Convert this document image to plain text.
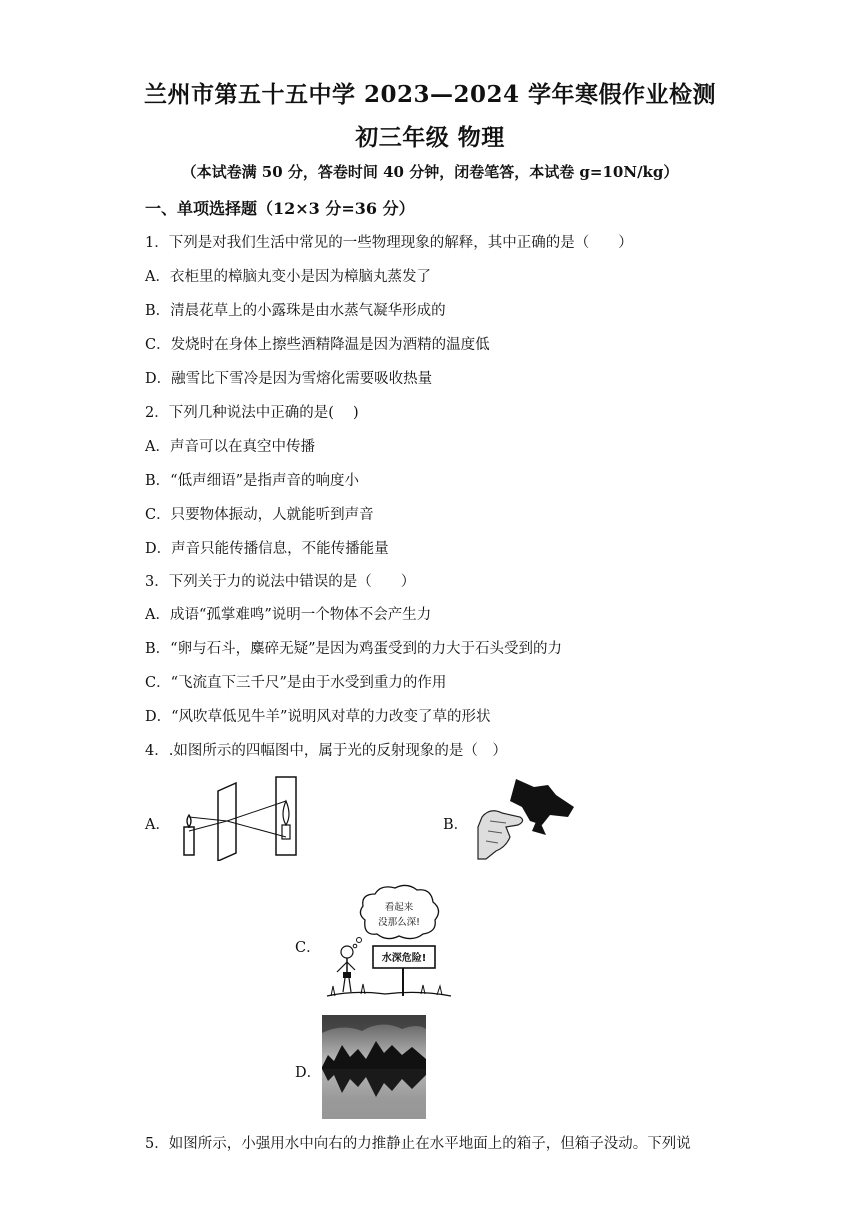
兰州市第五十五中学 2023—2024 学年寒假作业检测
初三年级 物理
（本试卷满 50 分，答卷时间 40 分钟，闭卷笔答，本试卷 g=10N/kg）
一、单项选择题（12×3 分=36 分）
1．下列是对我们生活中常见的一些物理现象的解释，其中正确的是（　　）
A．衣柜里的樟脑丸变小是因为樟脑丸蒸发了
B．清晨花草上的小露珠是由水蒸气凝华形成的
C．发烧时在身体上擦些酒精降温是因为酒精的温度低
D．融雪比下雪冷是因为雪熔化需要吸收热量
2．下列几种说法中正确的是(　 )
A．声音可以在真空中传播
B．“低声细语”是指声音的响度小
C．只要物体振动，人就能听到声音
D．声音只能传播信息，不能传播能量
3．下列关于力的说法中错误的是（　　）
A．成语“孤掌难鸣”说明一个物体不会产生力
B．“卵与石斗，麋碎无疑”是因为鸡蛋受到的力大于石头受到的力
C．“飞流直下三千尺”是由于水受到重力的作用
D．“风吹草低见牛羊”说明风对草的力改变了草的形状
4．.如图所示的四幅图中，属于光的反射现象的是（　）
A．	B．
C．
看起来
没那么深!
水深危险!
D．
5．如图所示，小强用水中向右的力推静止在水平地面上的箱子，但箱子没动。下列说
